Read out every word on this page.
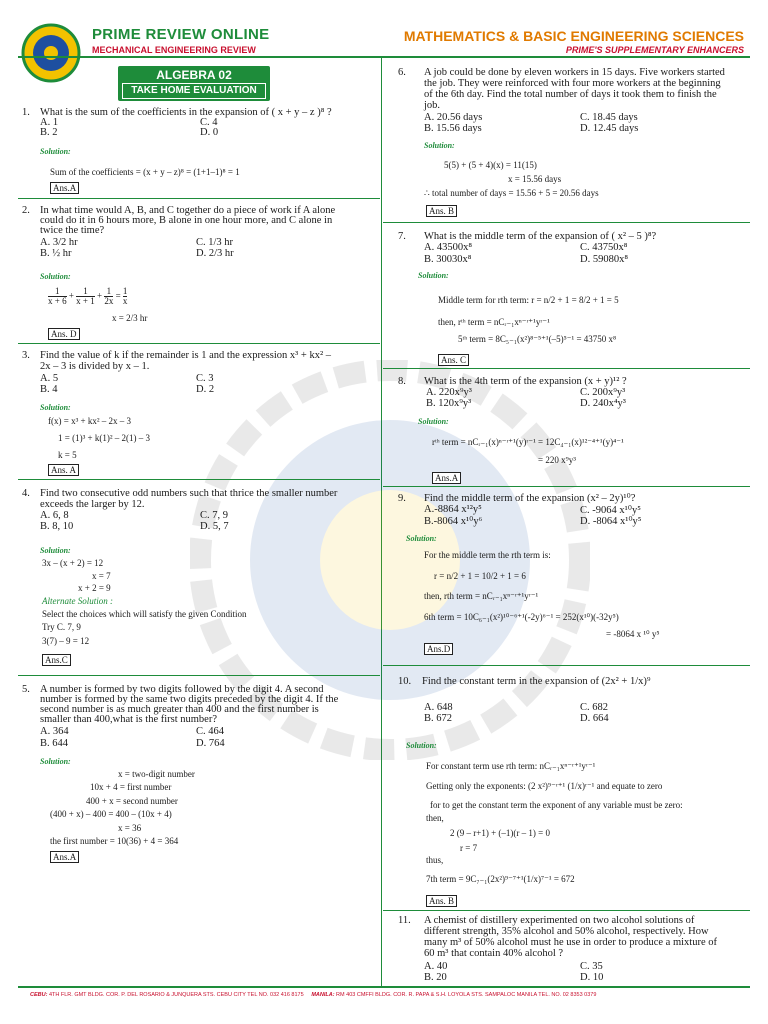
PRIME REVIEW ONLINE
MECHANICAL ENGINEERING REVIEW
MATHEMATICS & BASIC ENGINEERING SCIENCES
PRIME'S SUPPLEMENTARY ENHANCERS
ALGEBRA 02
TAKE HOME EVALUATION
1. What is the sum of the coefficients in the expansion of ( x + y – z )⁸ ?
A. 1
B. 2
C. 4
D. 0
Solution:
Sum of the coefficients = (x + y – z)⁸ = (1+1–1)⁸ = 1
Ans.A
2. In what time would A, B, and C together do a piece of work if A alone
could do it in 6 hours more, B alone in one hour more, and C alone in
twice the time?
A. 3/2 hr
B. ½ hr
C. 1/3 hr
D. 2/3 hr
Solution:
$\frac{1}{x + 6} + \frac{1}{x + 1} + \frac{1}{2x} = \frac{1}{x}$
x = 2/3 hr
Ans. D
3. Find the value of k if the remainder is 1 and the expression x³ + kx² –
2x – 3 is divided by x – 1.
A. 5
B. 4
C. 3
D. 2
Solution:
f(x) = x³ + kx² – 2x – 3
1 = (1)³ + k(1)² – 2(1) – 3
k = 5
Ans. A
4. Find two consecutive odd numbers such that thrice the smaller number
exceeds the larger by 12.
A. 6, 8
B. 8, 10
C. 7, 9
D. 5, 7
Solution:
3x – (x + 2) = 12
x = 7
x + 2 = 9
Alternate Solution :
Select the choices which will satisfy the given Condition
Try C. 7, 9
3(7) – 9 = 12
Ans.C
5. A number is formed by two digits followed by the digit 4. A second
number is formed by the same two digits preceded by the digit 4. If the
second number is as much greater than 400 and the first number is
smaller than 400,what is the first number?
A. 364
B. 644
C. 464
D. 764
Solution:
x = two-digit number
10x + 4 = first number
400 + x = second number
(400 + x) – 400 = 400 – (10x + 4)
x = 36
the first number = 10(36) + 4 = 364
Ans.A
6. A job could be done by eleven workers in 15 days. Five workers started
the job. They were reinforced with four more workers at the beginning
of the 6th day. Find the total number of days it took them to finish the
job.
A. 20.56 days
B. 15.56 days
C. 18.45 days
D. 12.45 days
Solution:
5(5) + (5 + 4)(x) = 11(15)
x = 15.56 days
∴ total number of days = 15.56 + 5 = 20.56 days
Ans. B
7. What is the middle term of the expansion of ( x² – 5 )⁸?
A. 43500x⁸
B. 30030x⁸
C. 43750x⁸
D. 59080x⁸
Solution:
Middle term for rth term: r = n/2 + 1 = 8/2 + 1 = 5
then, rᵗʰ term = nCᵣ₋₁xⁿ⁻ʳ⁺¹yʳ⁻¹
5ᵗʰ term = 8C₅₋₁(x²)⁸⁻⁵⁺¹(–5)⁵⁻¹ = 43750 x⁸
Ans. C
8. What is the 4th term of the expansion (x + y)¹² ?
A. 220x⁹y³
B. 120x⁹y³
C. 200x⁹y³
D. 240x⁴y³
Solution:
rᵗʰ term = nCᵣ₋₁(x)ⁿ⁻ʳ⁺¹(y)ʳ⁻¹ = 12C₄₋₁(x)¹²⁻⁴⁺¹(y)⁴⁻¹
= 220 x⁹y³
Ans.A
9. Find the middle term of the expansion (x² – 2y)¹⁰?
A.-8864 x¹²y⁵
B.-8064 x¹⁰y⁶
C. -9064 x¹⁰y⁵
D. -8064 x¹⁰y⁵
Solution:
For the middle term the rth term is:
r = n/2 + 1 = 10/2 + 1 = 6
then, rth term = nCᵣ₋₁xⁿ⁻ʳ⁺¹yʳ⁻¹
6th term = 10C₆₋₁(x²)¹⁰⁻⁶⁺¹(-2y)⁶⁻¹ = 252(x¹⁰)(-32y⁵)
= -8064 x ¹⁰ y⁵
Ans.D
10. Find the constant term in the expansion of (2x² + 1/x)⁹
A. 648
B. 672
C. 682
D. 664
Solution:
For constant term use rth term: nCᵣ₋₁xⁿ⁻ʳ⁺¹yʳ⁻¹
Getting only the exponents: (2 x²)⁹⁻ʳ⁺¹ (1/x)ʳ⁻¹ and equate to zero
for to get the constant term the exponent of any variable must be zero:
then,
2 (9 – r+1) + (–1)(r – 1) = 0
r = 7
thus,
7th term = 9C₇₋₁(2x²)⁹⁻⁷⁺¹(1/x)⁷⁻¹ = 672
Ans. B
11. A chemist of distillery experimented on two alcohol solutions of
different strength, 35% alcohol and 50% alcohol, respectively. How
many m³ of 50% alcohol must he use in order to produce a mixture of
60 m³ that contain 40% alcohol ?
A. 40
B. 20
C. 35
D. 10
CEBU: 4TH FLR. GMT BLDG. COR. P. DEL ROSARIO & JUNQUERA STS. CEBU CITY TEL NO. 032 416 8175 MANILA: RM 403 CMFFI BLDG. COR. R. PAPA & S.H. LOYOLA STS. SAMPALOC MANILA TEL. NO. 02 8353 0379
